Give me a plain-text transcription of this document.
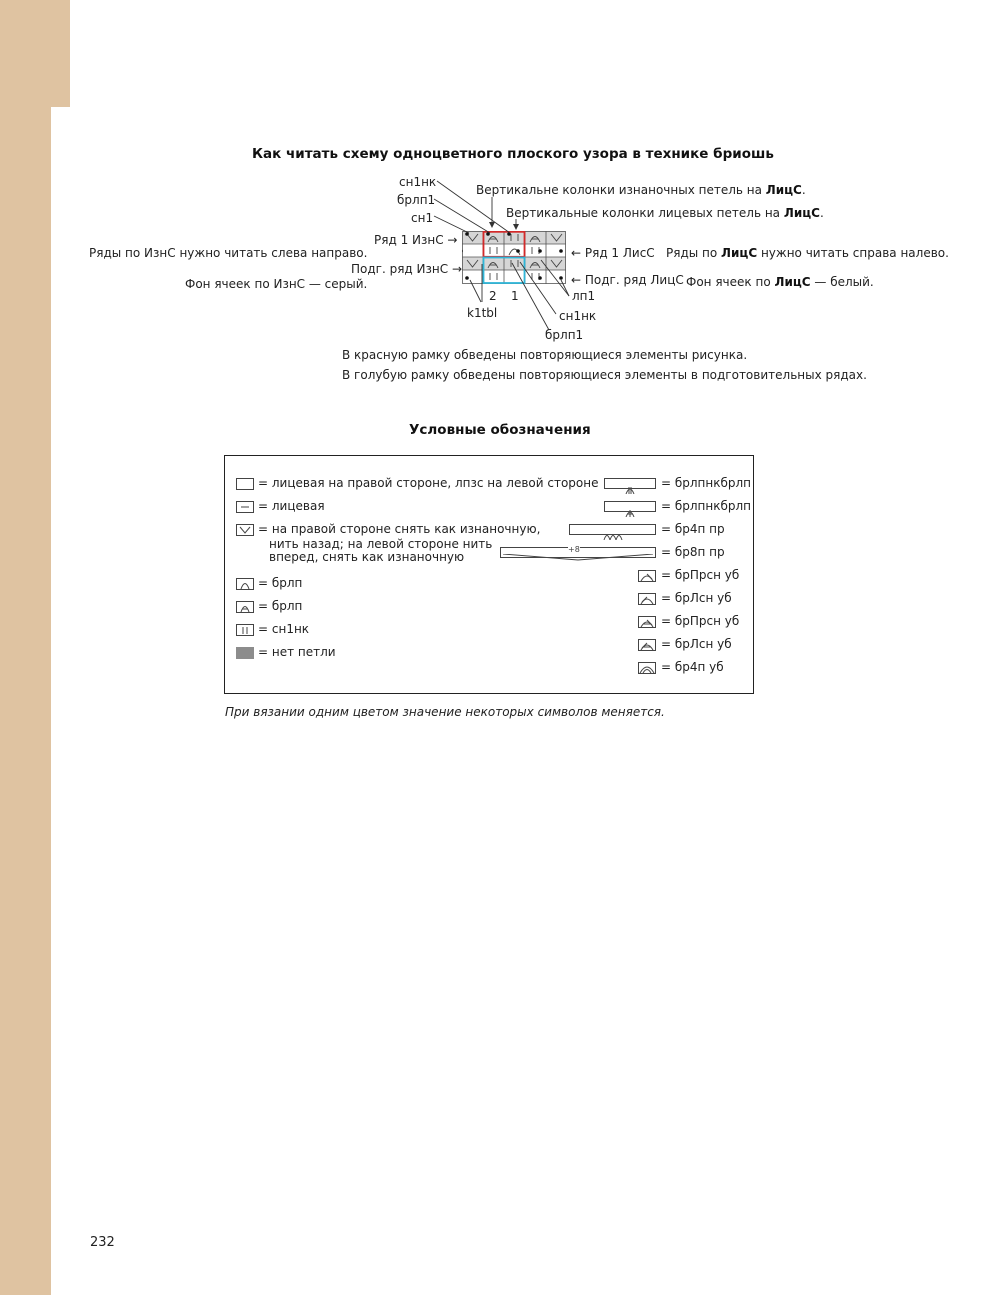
Как читать схему одноцветного плоского узора в технике бриошь
сн1нк
брлп1
сн1
Вертикальне колонки изнаночных петель на ЛицС.
Вертикальные колонки лицевых петель на ЛицС.
Ряд 1 ИзнС →
Ряды по ИзнС нужно читать слева направо.
Подг. ряд ИзнС →
Фон ячеек по ИзнС — серый.
← Ряд 1 ЛисС Ряды по ЛицС нужно читать справа налево.
← Подг. ряд ЛицС Фон ячеек по ЛицС — белый.
2 1	лп1
k1tbl	сн1нк
брлп1
В красную рамку обведены повторяющиеся элементы рисунка.
В голубую рамку обведены повторяющиеся элементы в подготовительных рядах.
Условные обозначения
= лицевая на правой стороне, лпзс на левой стороне
= лицевая
= на правой стороне снять как изнаночную,
нить назад; на левой стороне нить
вперед, снять как изнаночную
= брлп
= брлп
= сн1нк
= нет петли
= брлпнкбрлп
= брлпнкбрлп
= бр4п пр
+8	= бр8п пр
= брПрсн уб
= брЛсн уб
= брПрсн уб
= брЛсн уб
= бр4п уб
При вязании одним цветом значение некоторых символов меняется.
232
